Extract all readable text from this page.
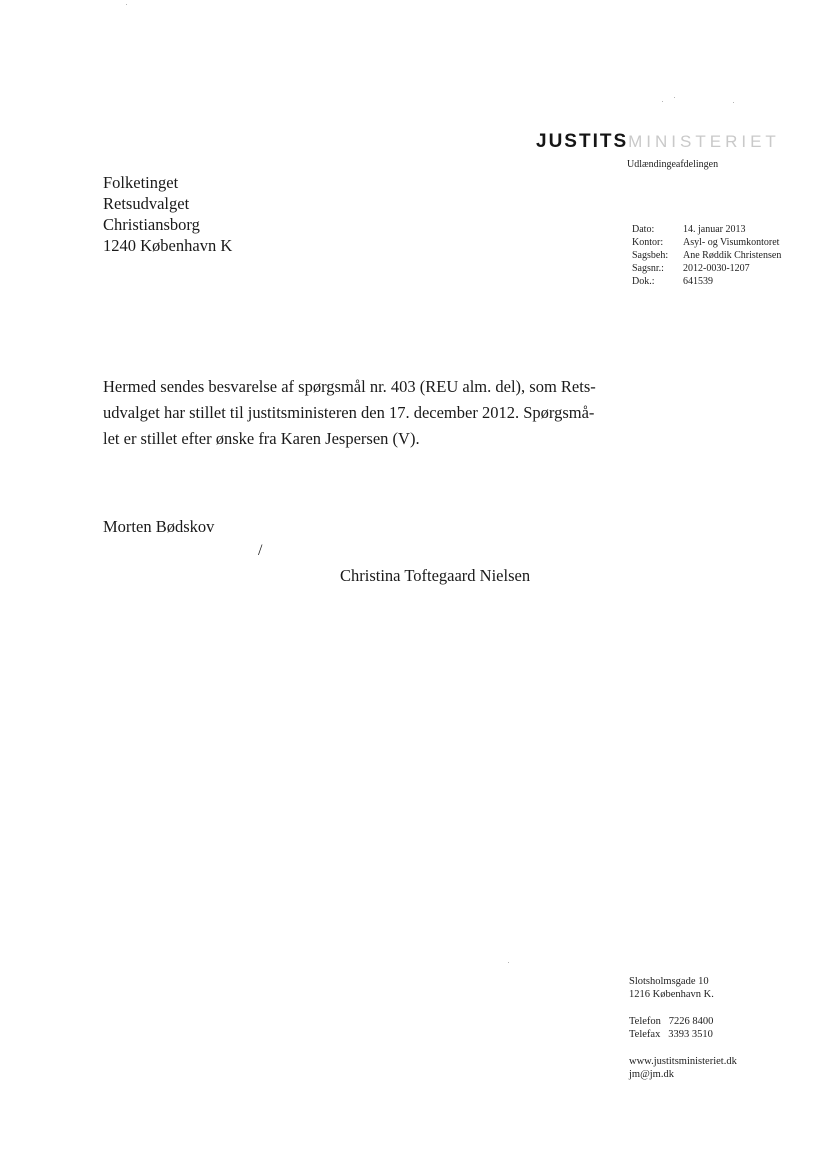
JUSTITSMINISTERIET
Udlændingeafdelingen
Folketinget
Retsudvalget
Christiansborg
1240 København K
Dato:	14. januar 2013
Kontor:	Asyl- og Visumkontoret
Sagsbeh:	Ane Røddik Christensen
Sagsnr.:	2012-0030-1207
Dok.:	641539
Hermed sendes besvarelse af spørgsmål nr. 403 (REU alm. del), som Rets-
udvalget har stillet til justitsministeren den 17. december 2012. Spørgsmå-
let er stillet efter ønske fra Karen Jespersen (V).
Morten Bødskov
/
Christina Toftegaard Nielsen
Slotsholmsgade 10
1216 København K.
Telefon   7226 8400
Telefax   3393 3510
www.justitsministeriet.dk
jm@jm.dk
